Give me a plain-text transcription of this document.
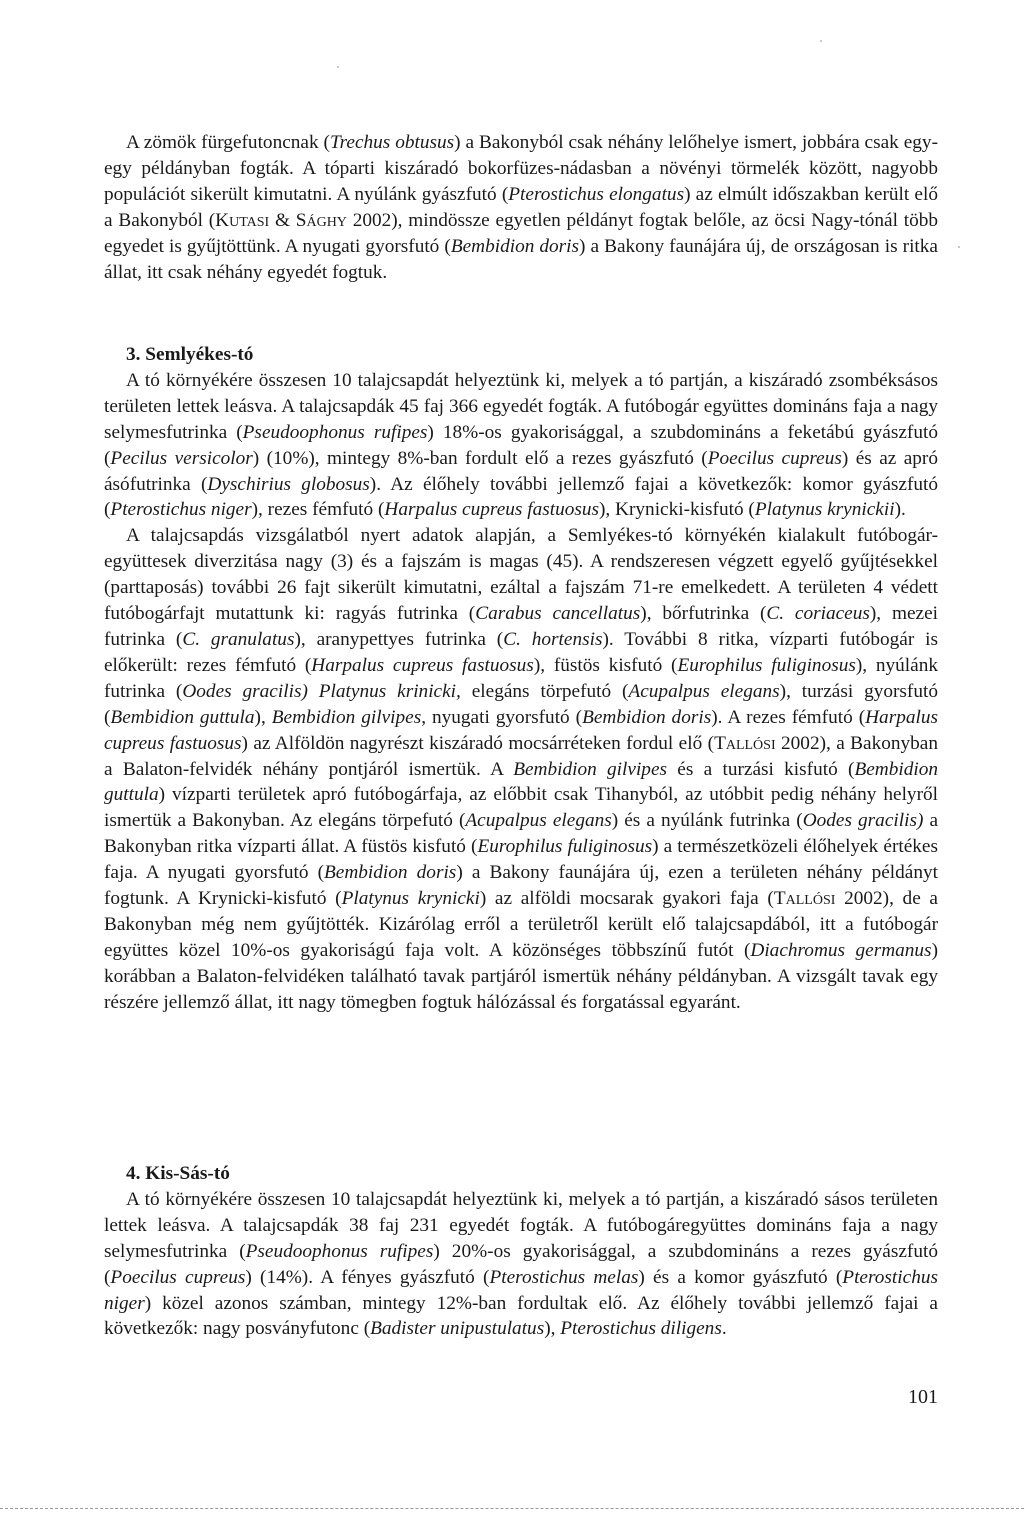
A zömök fürgefutoncnak (Trechus obtusus) a Bakonyból csak néhány lelőhelye ismert, jobbára csak egy-egy példányban fogták. A tóparti kiszáradó bokorfüzes-nádasban a növényi törmelék között, nagyobb populációt sikerült kimutatni. A nyúlánk gyászfutó (Pterostichus elongatus) az elmúlt időszakban került elő a Bakonyból (Kutasi & Sághy 2002), mindössze egyetlen példányt fogtak belőle, az öcsi Nagy-tónál több egyedet is gyűjtöttünk. A nyugati gyorsfutó (Bembidion doris) a Bakony faunájára új, de országosan is ritka állat, itt csak néhány egyedét fogtuk.

3. Semlyékes-tó

A tó környékére összesen 10 talajcsapdát helyeztünk ki, melyek a tó partján, a kiszáradó zsombéksásos területen lettek leásva. A talajcsapdák 45 faj 366 egyedét fogták. A futóbogár együttes domináns faja a nagy selymesfutrinka (Pseudoophonus rufipes) 18%-os gyakorisággal, a szubdomináns a feketábú gyászfutó (Pecilus versicolor) (10%), mintegy 8%-ban fordult elő a rezes gyászfutó (Poecilus cupreus) és az apró ásófutrinka (Dyschirius globosus). Az élőhely további jellemző fajai a következők: komor gyászfutó (Pterostichus niger), rezes fémfutó (Harpalus cupreus fastuosus), Krynicki-kisfutó (Platynus krynickii).

A talajcsapdás vizsgálatból nyert adatok alapján, a Semlyékes-tó környékén kialakult futóbogár-együttesek diverzitása nagy (3) és a fajszám is magas (45). A rendszeresen végzett egyelő gyűjtésekkel (parttaposás) további 26 fajt sikerült kimutatni, ezáltal a fajszám 71-re emelkedett. A területen 4 védett futóbogárfajt mutattunk ki: ragyás futrinka (Carabus cancellatus), bőrfutrinka (C. coriaceus), mezei futrinka (C. granulatus), aranypettyes futrinka (C. hortensis). További 8 ritka, vízparti futóbogár is előkerült: rezes fémfutó (Harpalus cupreus fastuosus), füstös kisfutó (Europhilus fuliginosus), nyúlánk futrinka (Oodes gracilis) Platynus krinicki, elegáns törpefutó (Acupalpus elegans), turzási gyorsfutó (Bembidion guttula), Bembidion gilvipes, nyugati gyorsfutó (Bembidion doris). A rezes fémfutó (Harpalus cupreus fastuosus) az Alföldön nagyrészt kiszáradó mocsárréteken fordul elő (Tallósi 2002), a Bakonyban a Balaton-felvidék néhány pontjáról ismertük. A Bembidion gilvipes és a turzási kisfutó (Bembidion guttula) vízparti területek apró futóbogárfaja, az előbbit csak Tihanyból, az utóbbit pedig néhány helyről ismertük a Bakonyban. Az elegáns törpefutó (Acupalpus elegans) és a nyúlánk futrinka (Oodes gracilis) a Bakonyban ritka vízparti állat. A füstös kisfutó (Europhilus fuliginosus) a természetközeli élőhelyek értékes faja. A nyugati gyorsfutó (Bembidion doris) a Bakony faunájára új, ezen a területen néhány példányt fogtunk. A Krynicki-kisfutó (Platynus krynicki) az alföldi mocsarak gyakori faja (Tallósi 2002), de a Bakonyban még nem gyűjtötték. Kizárólag erről a területről került elő talajcsapdából, itt a futóbogár együttes közel 10%-os gyakoriságú faja volt. A közönséges többszínű futót (Diachromus germanus) korábban a Balaton-felvidéken található tavak partjáról ismertük néhány példányban. A vizsgált tavak egy részére jellemző állat, itt nagy tömegben fogtuk hálózással és forgatással egyaránt.

4. Kis-Sás-tó

A tó környékére összesen 10 talajcsapdát helyeztünk ki, melyek a tó partján, a kiszáradó sásos területen lettek leásva. A talajcsapdák 38 faj 231 egyedét fogták. A futóbogáregyüttes domináns faja a nagy selymesfutrinka (Pseudoophonus rufipes) 20%-os gyakorisággal, a szubdomináns a rezes gyászfutó (Poecilus cupreus) (14%). A fényes gyászfutó (Pterostichus melas) és a komor gyászfutó (Pterostichus niger) közel azonos számban, mintegy 12%-ban fordultak elő. Az élőhely további jellemző fajai a következők: nagy posványfutonc (Badister unipustulatus), Pterostichus diligens.

101
